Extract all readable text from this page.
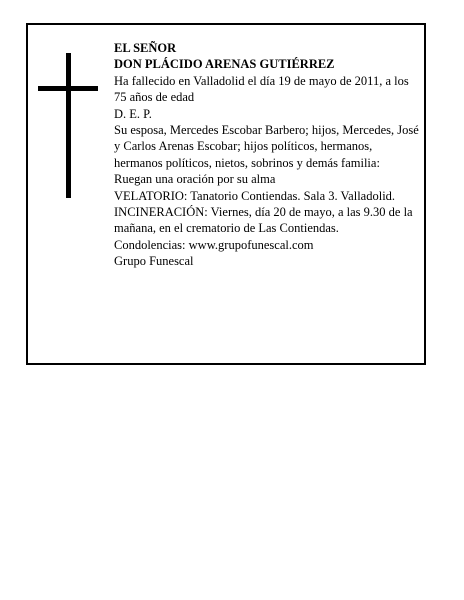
EL SEÑOR

DON PLÁCIDO ARENAS GUTIÉRREZ

Ha fallecido en Valladolid el día 19 de mayo de 2011, a los 75 años de edad

D. E. P.

Su esposa, Mercedes Escobar Barbero; hijos, Mercedes, José y Carlos Arenas Escobar; hijos políticos, hermanos, hermanos políticos, nietos, sobrinos y demás familia:

Ruegan una oración por su alma

VELATORIO: Tanatorio Contiendas. Sala 3. Valladolid.

INCINERACIÓN: Viernes, día 20 de mayo, a las 9.30 de la mañana, en el crematorio de Las Contiendas.

Condolencias: www.grupofunescal.com

Grupo Funescal
